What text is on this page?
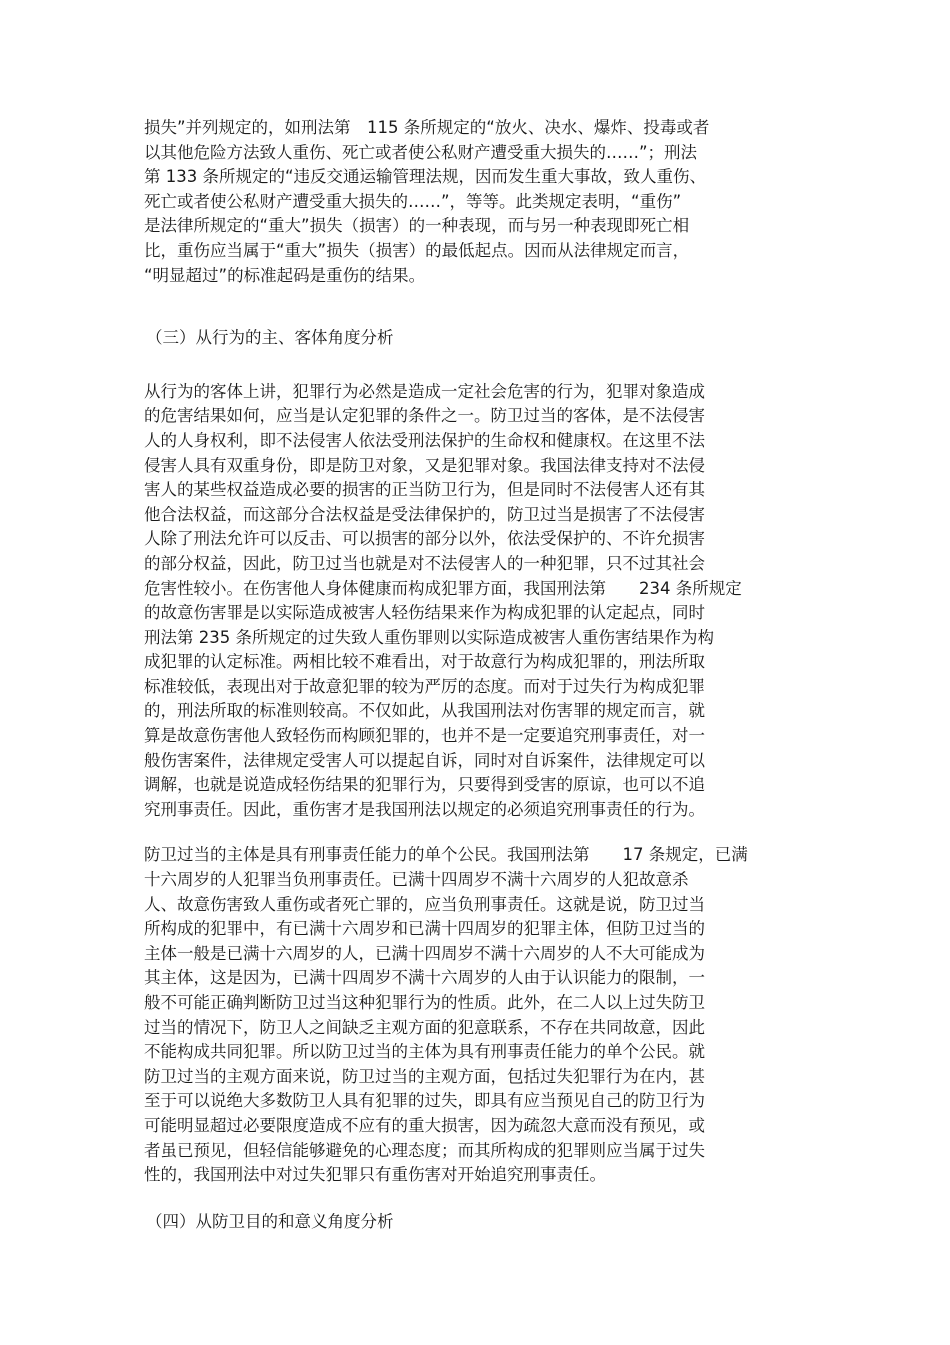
损失”并列规定的，如刑法第　115 条所规定的“放火、决水、爆炸、投毒或者
以其他危险方法致人重伤、死亡或者使公私财产遭受重大损失的……”；刑法
第 133 条所规定的“违反交通运输管理法规，因而发生重大事故，致人重伤、
死亡或者使公私财产遭受重大损失的……”，等等。此类规定表明，“重伤”
是法律所规定的“重大”损失（损害）的一种表现，而与另一种表现即死亡相
比，重伤应当属于“重大”损失（损害）的最低起点。因而从法律规定而言，
“明显超过”的标准起码是重伤的结果。
（三）从行为的主、客体角度分析
从行为的客体上讲，犯罪行为必然是造成一定社会危害的行为，犯罪对象造成
的危害结果如何，应当是认定犯罪的条件之一。防卫过当的客体，是不法侵害
人的人身权利，即不法侵害人依法受刑法保护的生命权和健康权。在这里不法
侵害人具有双重身份，即是防卫对象，又是犯罪对象。我国法律支持对不法侵
害人的某些权益造成必要的损害的正当防卫行为，但是同时不法侵害人还有其
他合法权益，而这部分合法权益是受法律保护的，防卫过当是损害了不法侵害
人除了刑法允许可以反击、可以损害的部分以外，依法受保护的、不许允损害
的部分权益，因此，防卫过当也就是对不法侵害人的一种犯罪，只不过其社会
危害性较小。在伤害他人身体健康而构成犯罪方面，我国刑法第　　234 条所规定
的故意伤害罪是以实际造成被害人轻伤结果来作为构成犯罪的认定起点，同时
刑法第 235 条所规定的过失致人重伤罪则以实际造成被害人重伤害结果作为构
成犯罪的认定标准。两相比较不难看出，对于故意行为构成犯罪的，刑法所取
标准较低，表现出对于故意犯罪的较为严厉的态度。而对于过失行为构成犯罪
的，刑法所取的标准则较高。不仅如此，从我国刑法对伤害罪的规定而言，就
算是故意伤害他人致轻伤而构顾犯罪的，也并不是一定要追究刑事责任，对一
般伤害案件，法律规定受害人可以提起自诉，同时对自诉案件，法律规定可以
调解，也就是说造成轻伤结果的犯罪行为，只要得到受害的原谅，也可以不追
究刑事责任。因此，重伤害才是我国刑法以规定的必须追究刑事责任的行为。
防卫过当的主体是具有刑事责任能力的单个公民。我国刑法第　　17 条规定，已满
十六周岁的人犯罪当负刑事责任。已满十四周岁不满十六周岁的人犯故意杀
人、故意伤害致人重伤或者死亡罪的，应当负刑事责任。这就是说，防卫过当
所构成的犯罪中，有已满十六周岁和已满十四周岁的犯罪主体，但防卫过当的
主体一般是已满十六周岁的人，已满十四周岁不满十六周岁的人不大可能成为
其主体，这是因为，已满十四周岁不满十六周岁的人由于认识能力的限制，一
般不可能正确判断防卫过当这种犯罪行为的性质。此外，在二人以上过失防卫
过当的情况下，防卫人之间缺乏主观方面的犯意联系，不存在共同故意，因此
不能构成共同犯罪。所以防卫过当的主体为具有刑事责任能力的单个公民。就
防卫过当的主观方面来说，防卫过当的主观方面，包括过失犯罪行为在内，甚
至于可以说绝大多数防卫人具有犯罪的过失，即具有应当预见自己的防卫行为
可能明显超过必要限度造成不应有的重大损害，因为疏忽大意而没有预见，或
者虽已预见，但轻信能够避免的心理态度；而其所构成的犯罪则应当属于过失
性的，我国刑法中对过失犯罪只有重伤害对开始追究刑事责任。
（四）从防卫目的和意义角度分析
